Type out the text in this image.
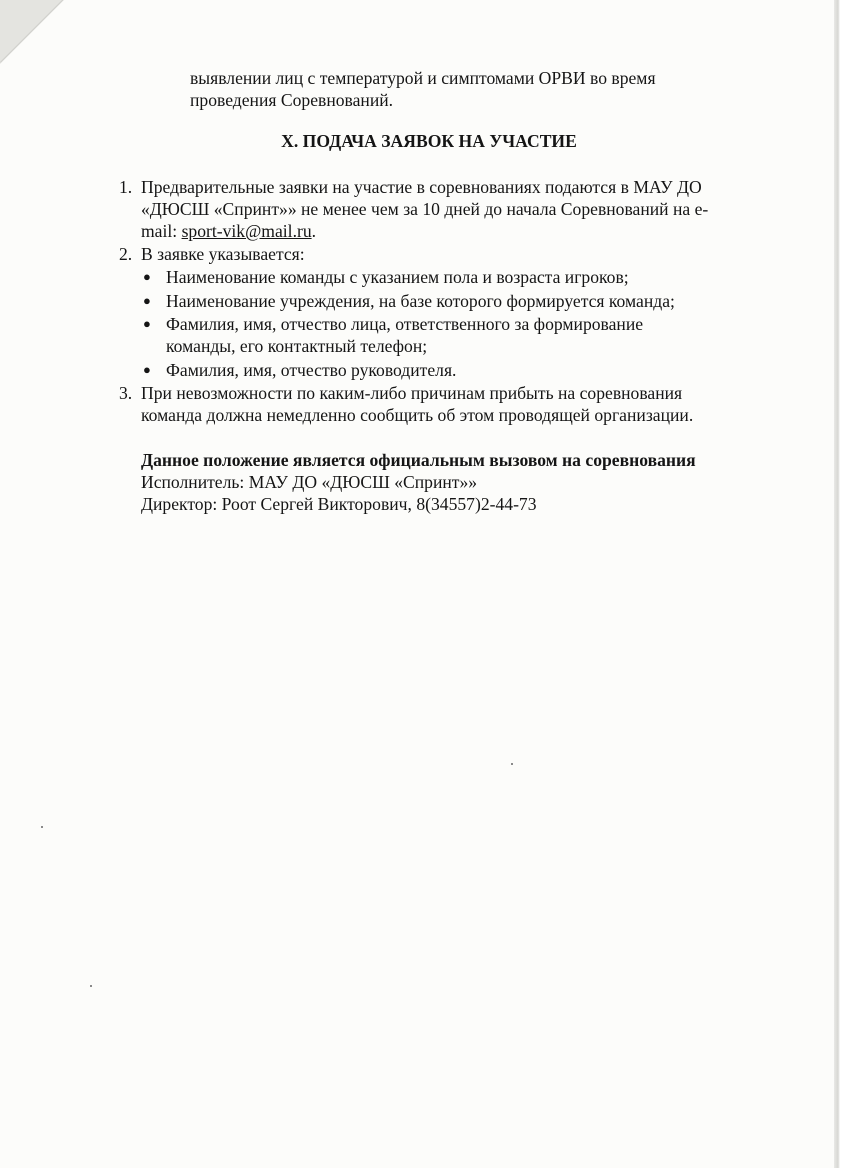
выявлении лиц с температурой и симптомами ОРВИ во время
проведения Соревнований.
X. ПОДАЧА ЗАЯВОК НА УЧАСТИЕ
1. Предварительные заявки на участие в соревнованиях подаются в МАУ ДО
«ДЮСШ «Спринт»» не менее чем за 10 дней до начала Соревнований на e-
mail: sport-vik@mail.ru.
2. В заявке указывается:
● Наименование команды с указанием пола и возраста игроков;
● Наименование учреждения, на базе которого формируется команда;
● Фамилия, имя, отчество лица, ответственного за формирование
команды, его контактный телефон;
● Фамилия, имя, отчество руководителя.
3. При невозможности по каким-либо причинам прибыть на соревнования
команда должна немедленно сообщить об этом проводящей организации.
Данное положение является официальным вызовом на соревнования
Исполнитель: МАУ ДО «ДЮСШ «Спринт»»
Директор: Роот Сергей Викторович, 8(34557)2-44-73
